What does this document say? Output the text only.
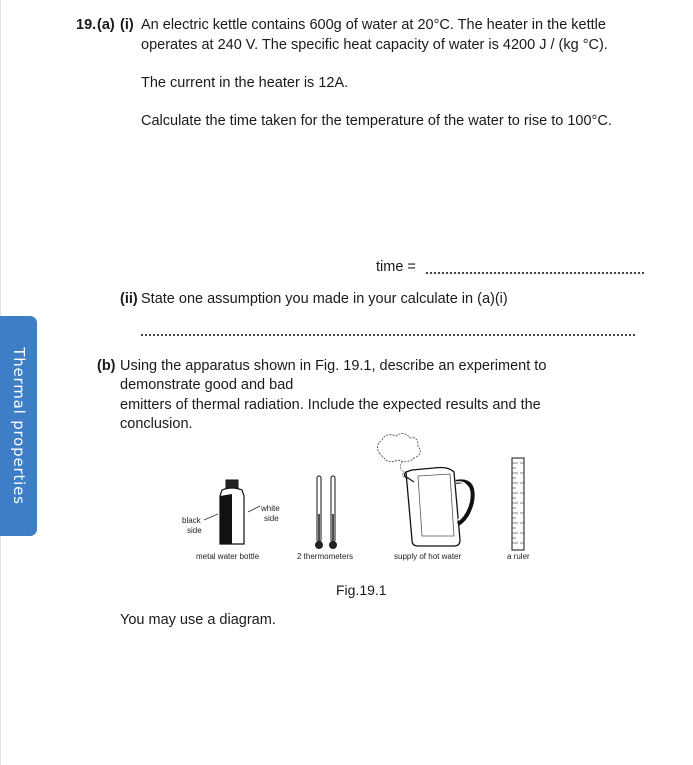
Thermal properties
19. (a) (i) An electric kettle contains 600g of water at 20°C. The heater in the kettle
operates at 240 V. The specific heat capacity of water is 4200 J / (kg °C).
The current in the heater is 12A.
Calculate the time taken for the temperature of the water to rise to 100°C.
time =
(ii) State one assumption you made in your calculate in (a)(i)
(b) Using the apparatus shown in Fig. 19.1, describe an experiment to
demonstrate good and bad
emitters of thermal radiation. Include the expected results and the
conclusion.
black
side
white
side
metal water bottle	2 thermometers	supply of hot water	a ruler
Fig.19.1
You may use a diagram.
